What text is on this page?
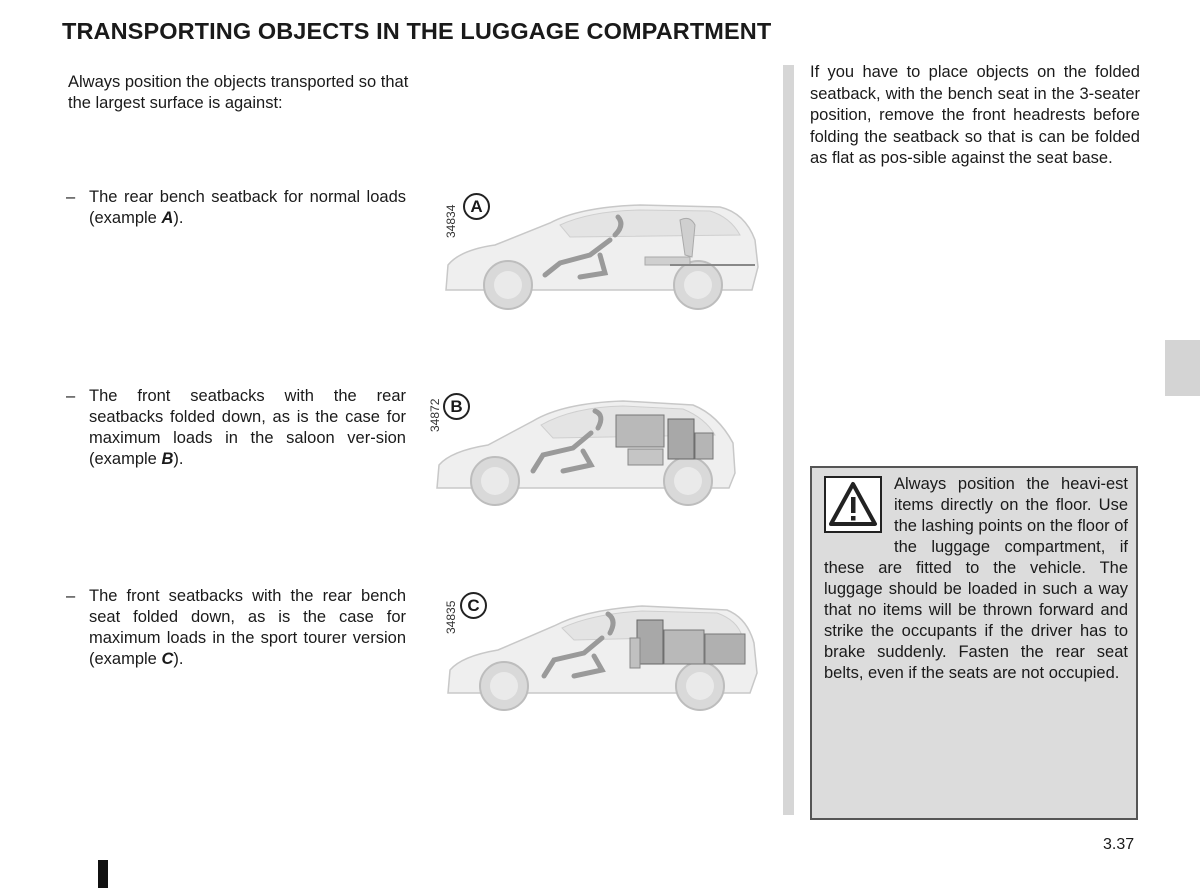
TRANSPORTING OBJECTS IN THE LUGGAGE COMPARTMENT
Always position the objects transported so that the largest surface is against:
– The rear bench seatback for normal loads (example A).
– The front seatbacks with the rear seatbacks folded down, as is the case for maximum loads in the saloon ver-sion (example B).
– The front seatbacks with the rear bench seat folded down, as is the case for maximum loads in the sport tourer version (example C).
34834 A
34872 B
34835 C
If you have to place objects on the folded seatback, with the bench seat in the 3-seater position, remove the front headrests before folding the seatback so that is can be folded as flat as pos-sible against the seat base.
Always position the heavi-est items directly on the floor. Use the lashing points on the floor of the luggage compartment, if these are fitted to the vehicle. The luggage should be loaded in such a way that no items will be thrown forward and strike the occupants if the driver has to brake suddenly. Fasten the rear seat belts, even if the seats are not occupied.
3.37
